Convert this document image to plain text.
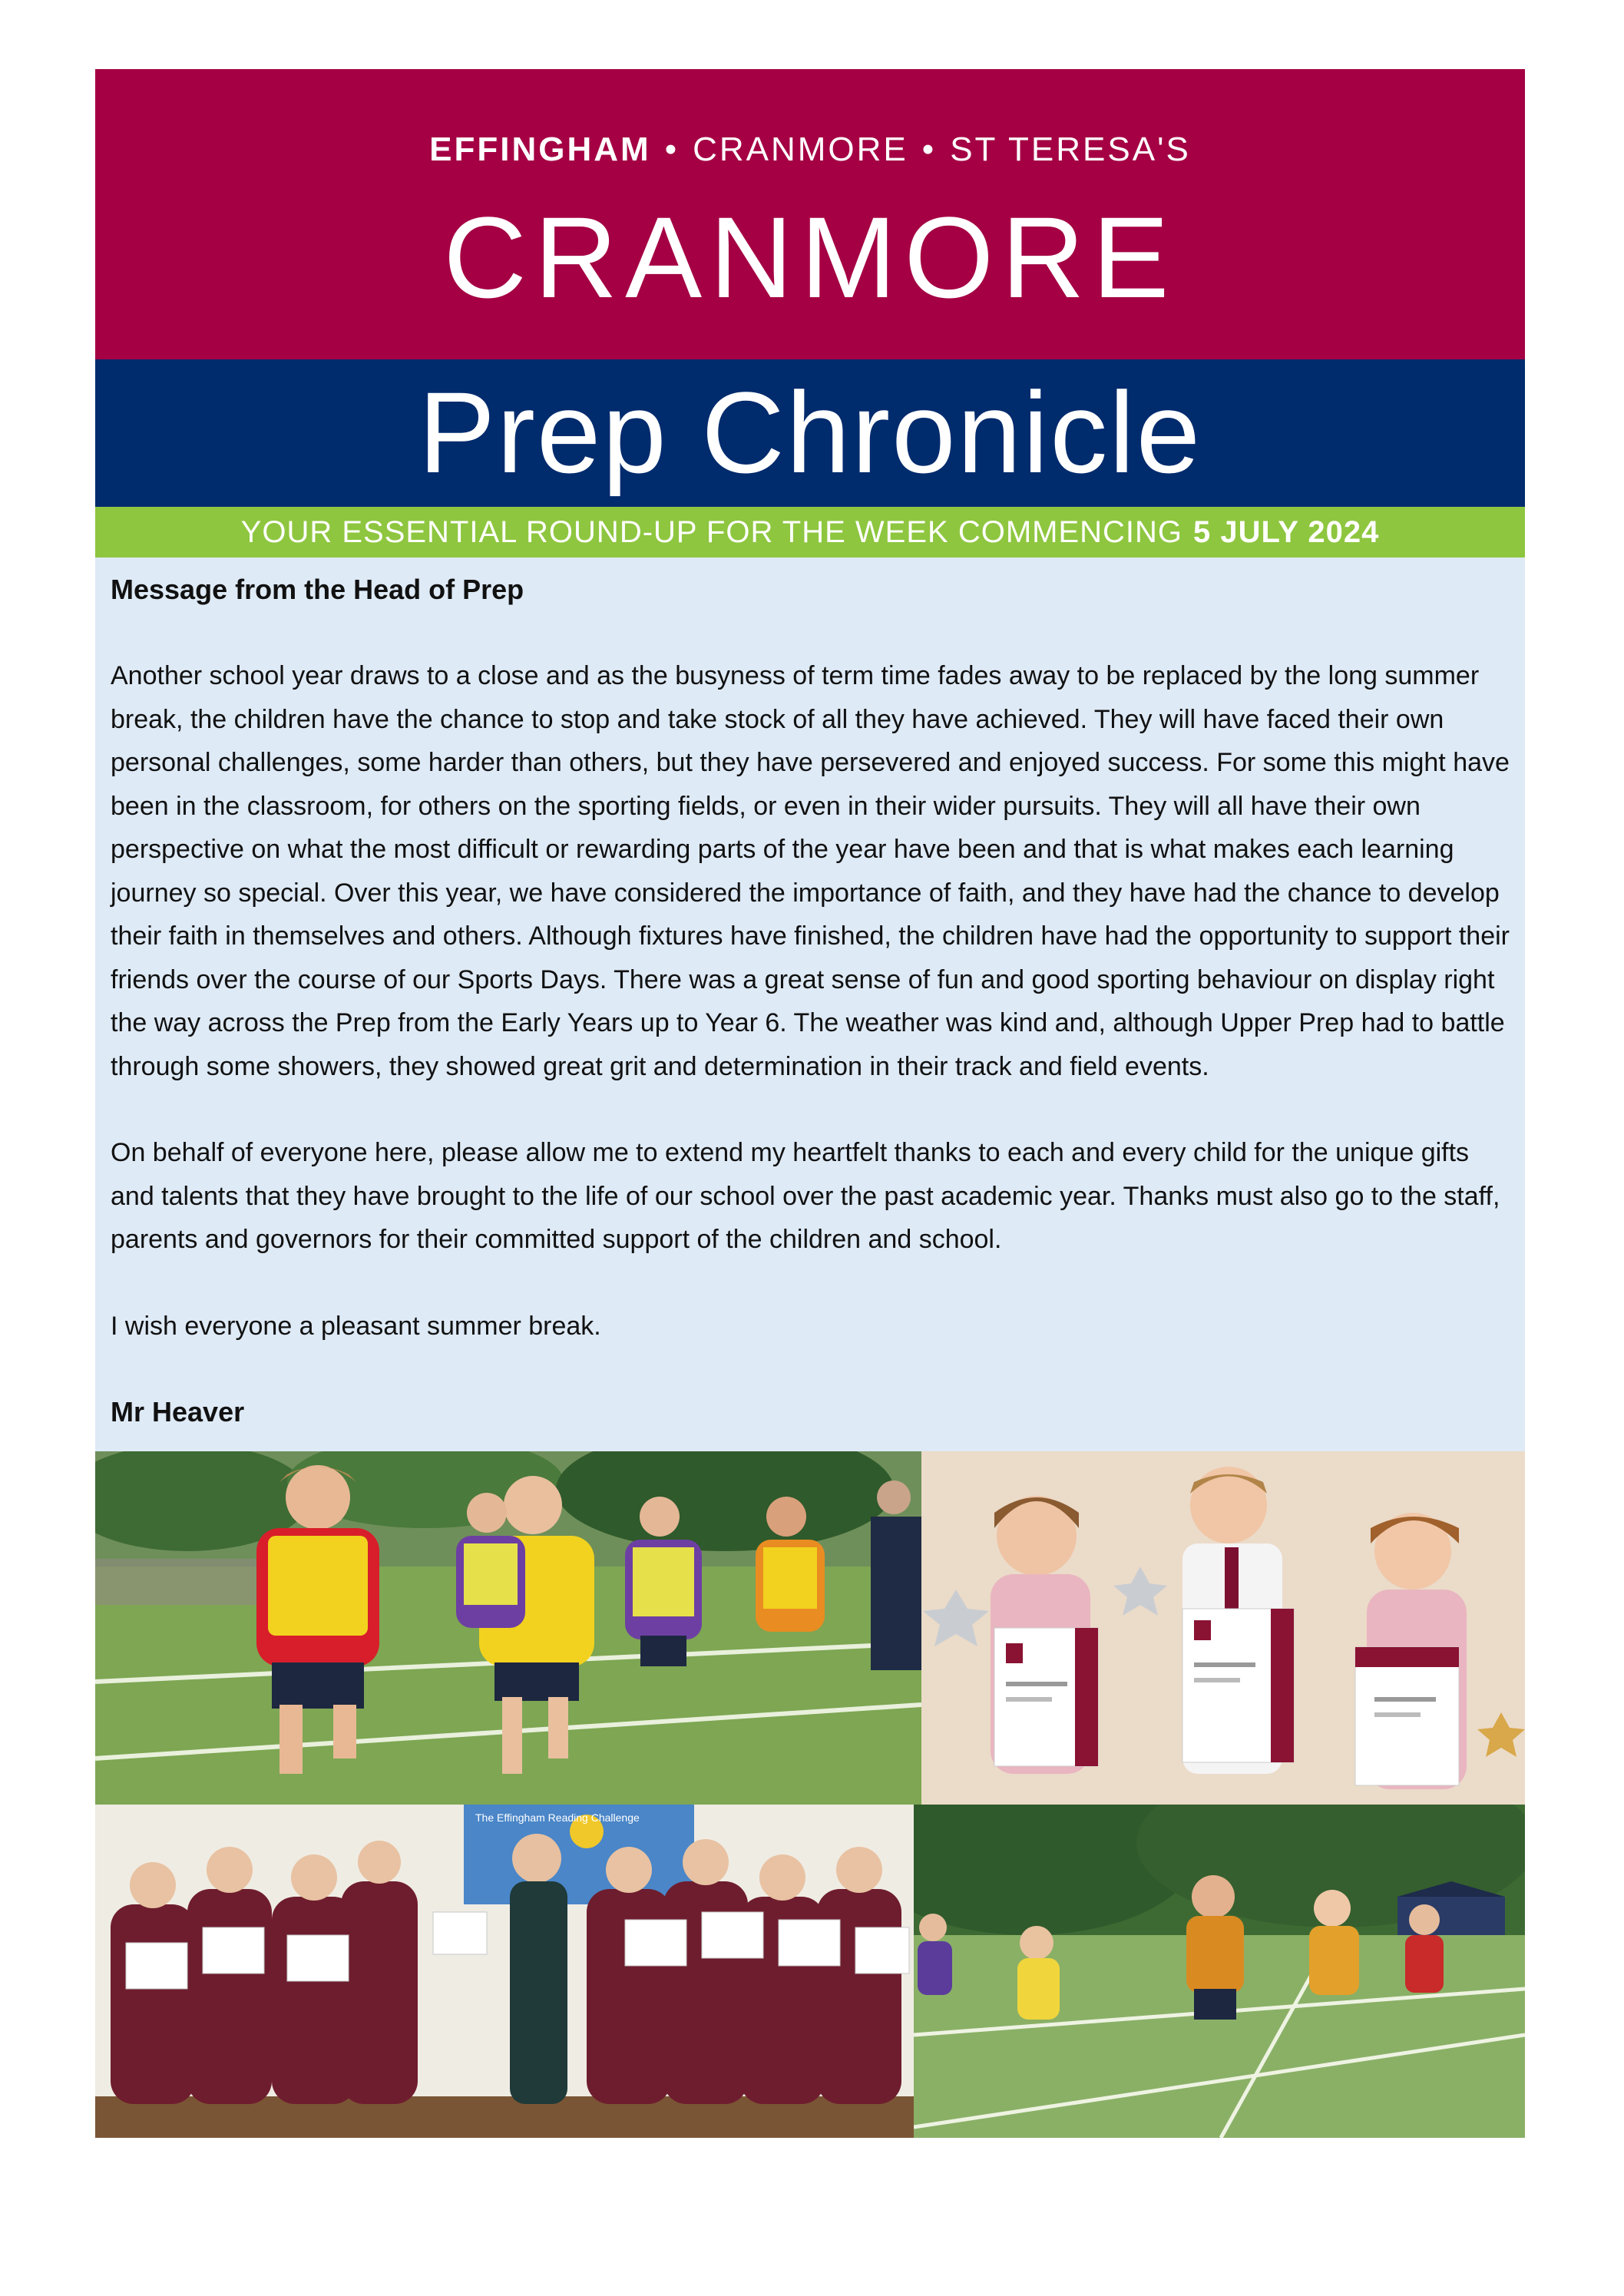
EFFINGHAM • CRANMORE • ST TERESA'S
CRANMORE
Prep Chronicle
YOUR ESSENTIAL ROUND-UP FOR THE WEEK COMMENCING 5 JULY 2024
Message from the Head of Prep

Another school year draws to a close and as the busyness of term time fades away to be replaced by the long summer break, the children have the chance to stop and take stock of all they have achieved. They will have faced their own personal challenges, some harder than others, but they have persevered and enjoyed success. For some this might have been in the classroom, for others on the sporting fields, or even in their wider pursuits. They will all have their own perspective on what the most difficult or rewarding parts of the year have been and that is what makes each learning journey so special. Over this year, we have considered the importance of faith, and they have had the chance to develop their faith in themselves and others. Although fixtures have finished, the children have had the opportunity to support their friends over the course of our Sports Days. There was a great sense of fun and good sporting behaviour on display right the way across the Prep from the Early Years up to Year 6. The weather was kind and, although Upper Prep had to battle through some showers, they showed great grit and determination in their track and field events.

On behalf of everyone here, please allow me to extend my heartfelt thanks to each and every child for the unique gifts and talents that they have brought to the life of our school over the past academic year. Thanks must also go to the staff, parents and governors for their committed support of the children and school.

I wish everyone a pleasant summer break.

Mr Heaver

The Effingham Reading Challenge
